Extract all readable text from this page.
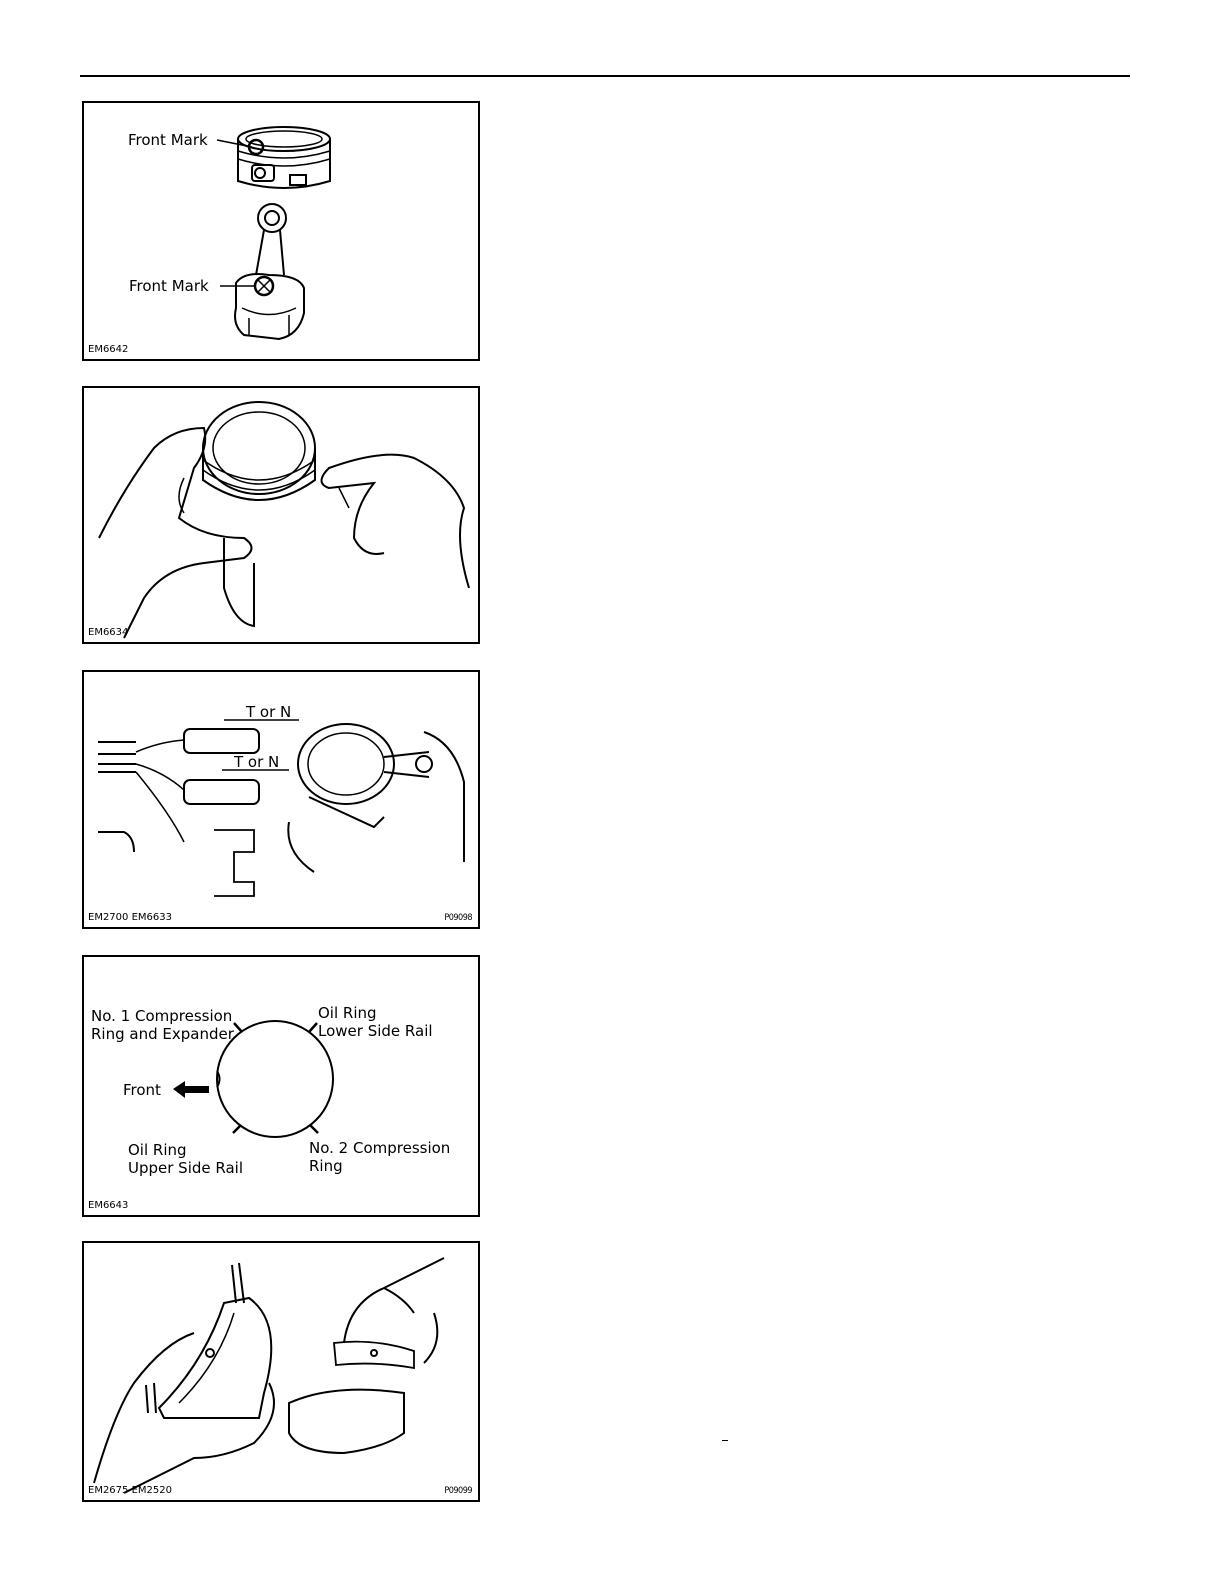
Front Mark
Front Mark
EM6642
EM6634
T or N
T or N
EM2700 EM6633	P09098
No. 1 Compression
Ring and Expander
Oil Ring
Lower Side Rail
Front
Oil Ring
Upper Side Rail
No. 2 Compression
Ring
EM6643
EM2675 EM2520	P09099
